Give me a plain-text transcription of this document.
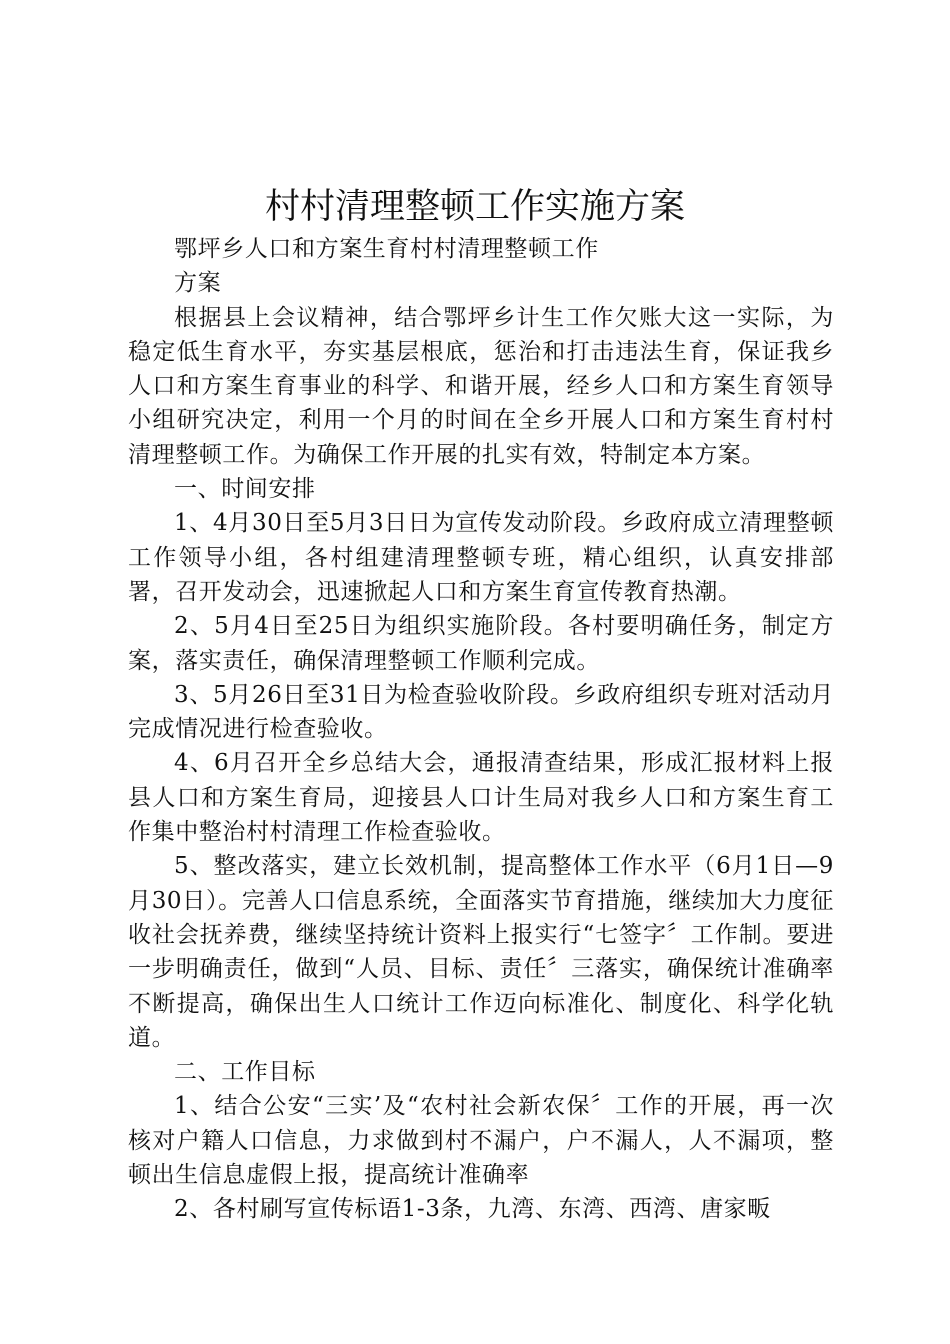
村村清理整顿工作实施方案

鄂坪乡人口和方案生育村村清理整顿工作

方案

根据县上会议精神，结合鄂坪乡计生工作欠账大这一实际，为稳定低生育水平，夯实基层根底，惩治和打击违法生育，保证我乡人口和方案生育事业的科学、和谐开展，经乡人口和方案生育领导小组研究决定，利用一个月的时间在全乡开展人口和方案生育村村清理整顿工作。为确保工作开展的扎实有效，特制定本方案。

一、时间安排

1、4月30日至5月3日日为宣传发动阶段。乡政府成立清理整顿工作领导小组，各村组建清理整顿专班，精心组织，认真安排部署，召开发动会，迅速掀起人口和方案生育宣传教育热潮。

2、5月4日至25日为组织实施阶段。各村要明确任务，制定方案，落实责任，确保清理整顿工作顺利完成。

3、5月26日至31日为检查验收阶段。乡政府组织专班对活动月完成情况进行检查验收。

4、6月召开全乡总结大会，通报清查结果，形成汇报材料上报县人口和方案生育局，迎接县人口计生局对我乡人口和方案生育工作集中整治村村清理工作检查验收。

5、整改落实，建立长效机制，提高整体工作水平（6月1日—9月30日）。完善人口信息系统，全面落实节育措施，继续加大力度征收社会抚养费，继续坚持统计资料上报实行“七签字〞工作制。要进一步明确责任，做到“人员、目标、责任〞三落实，确保统计准确率不断提高，确保出生人口统计工作迈向标准化、制度化、科学化轨道。

二、工作目标

1、结合公安“三实’及“农村社会新农保〞工作的开展，再一次核对户籍人口信息，力求做到村不漏户，户不漏人，人不漏项，整顿出生信息虚假上报，提高统计准确率

2、各村刷写宣传标语1-3条，九湾、东湾、西湾、唐家畈
